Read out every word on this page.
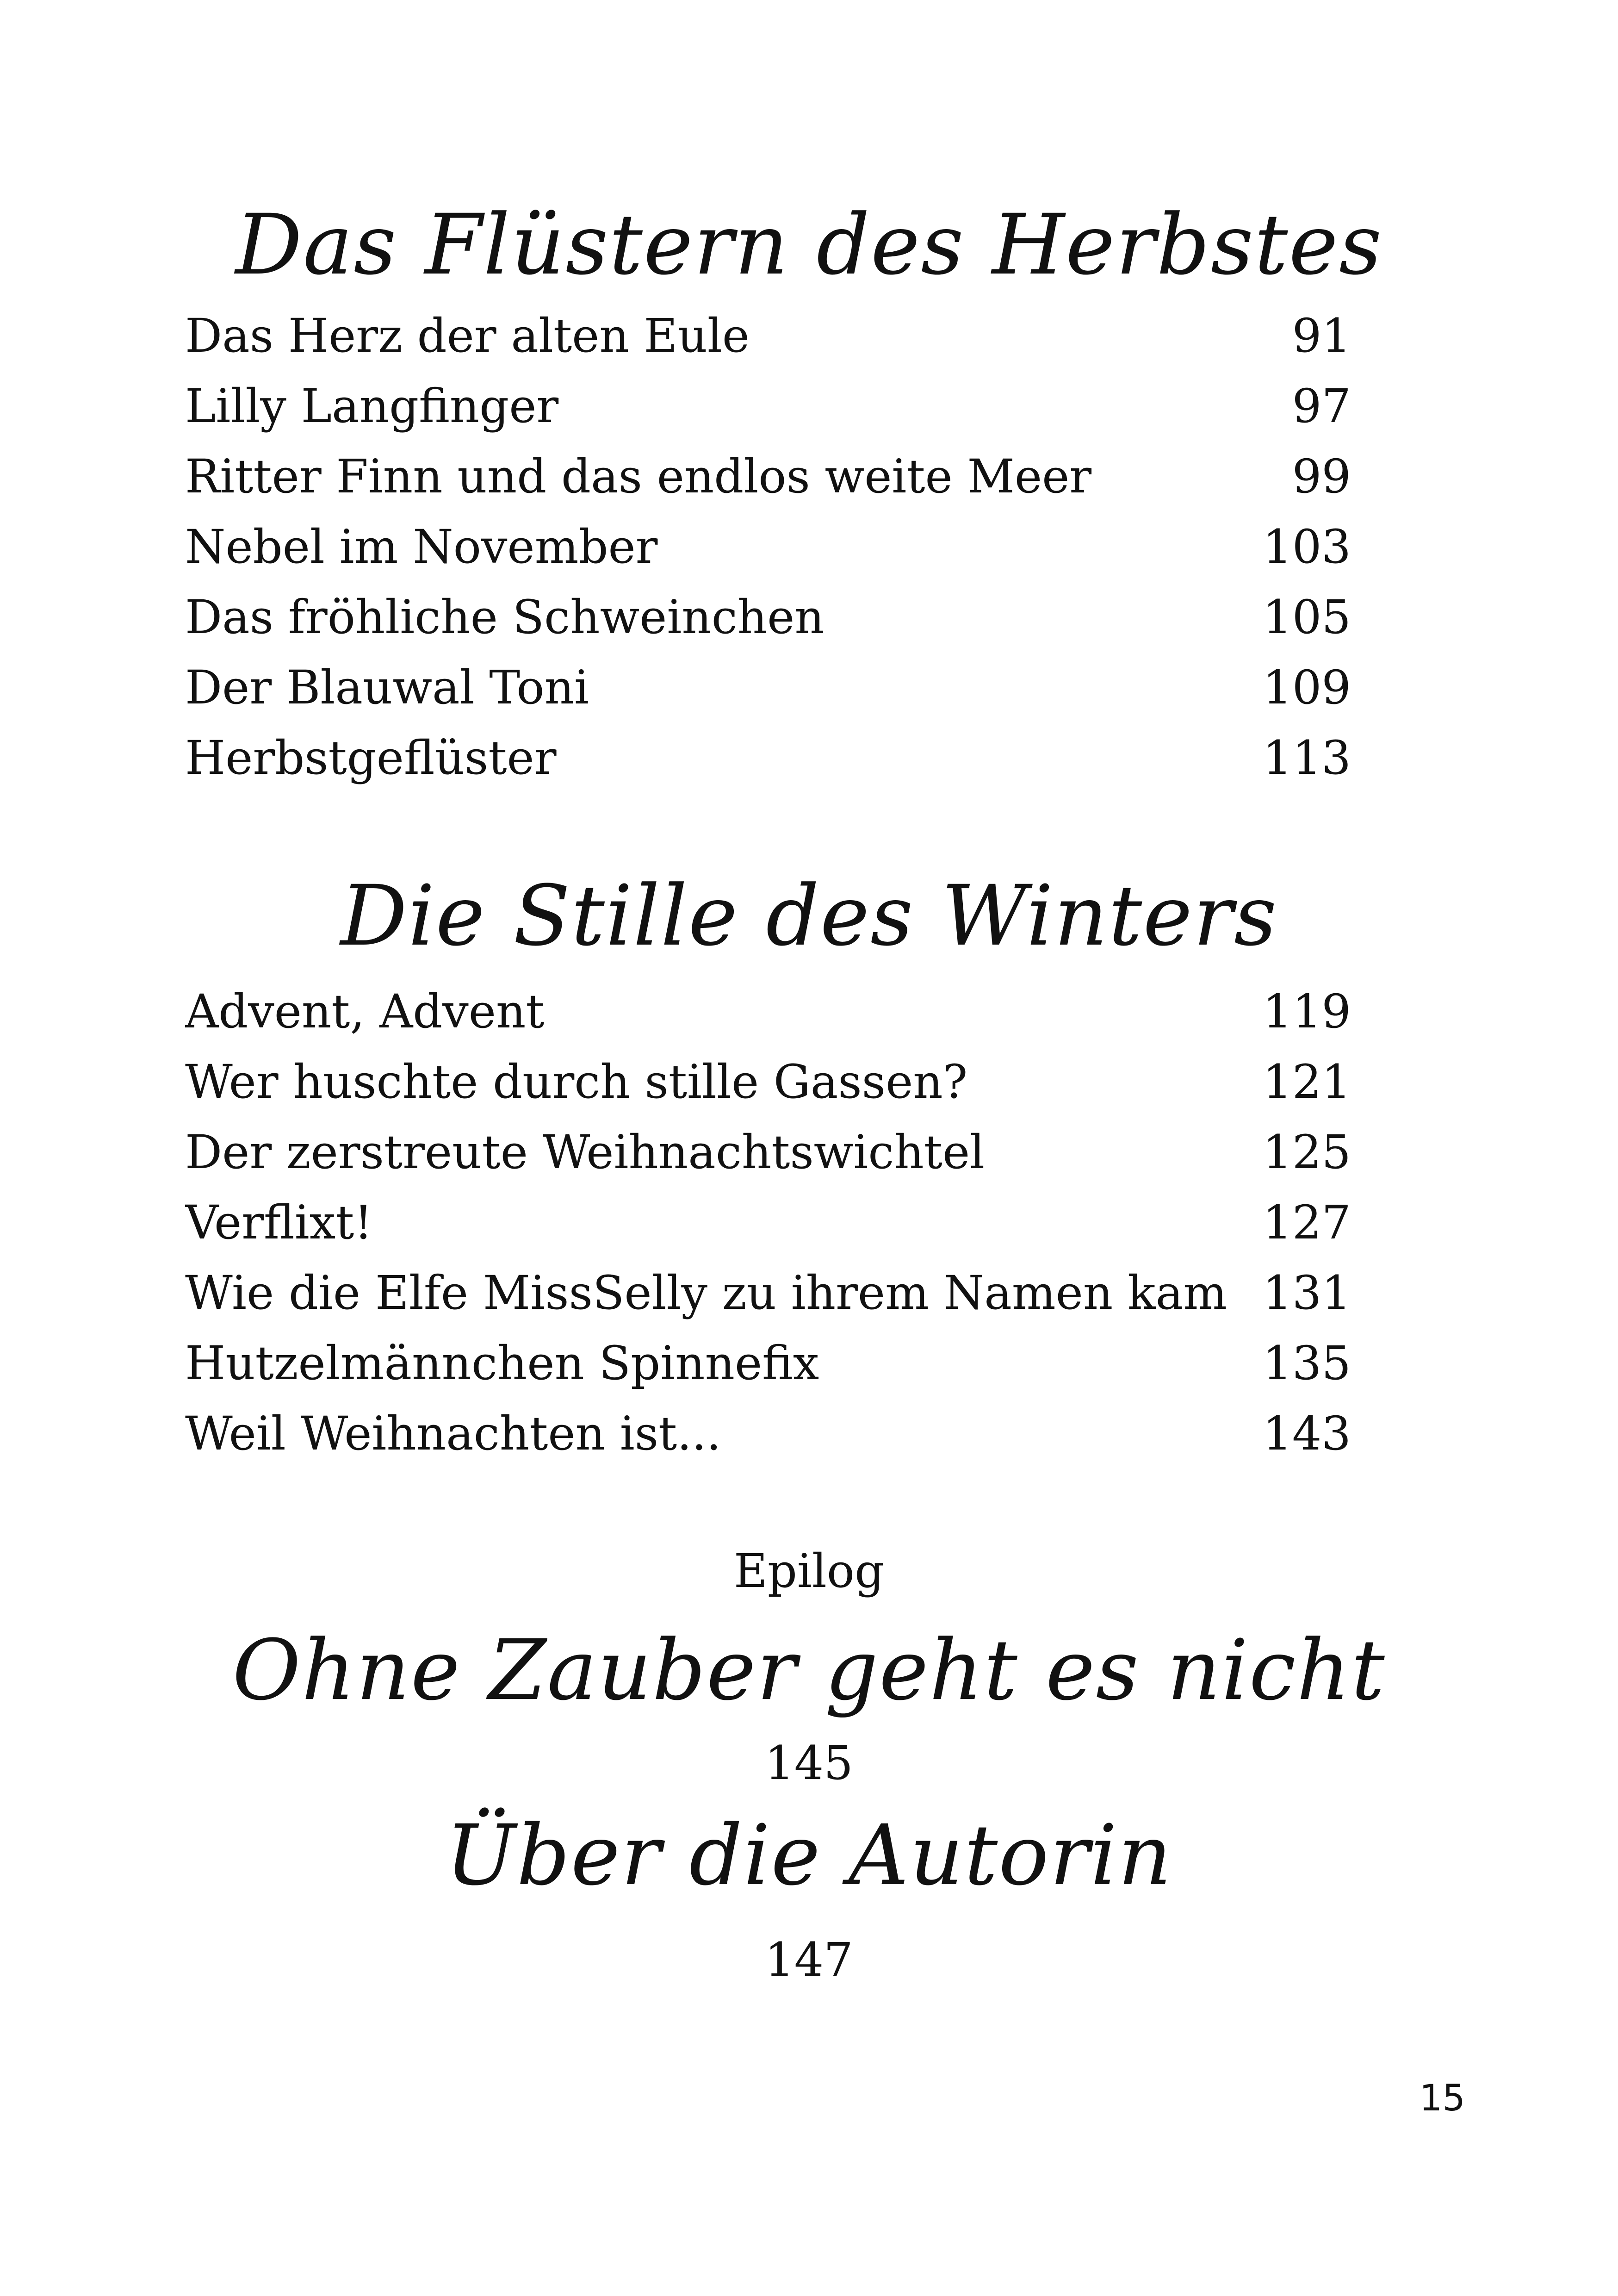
Das Flüstern des Herbstes
Das Herz der alten Eule	91
Lilly Langfinger	97
Ritter Finn und das endlos weite Meer	99
Nebel im November	103
Das fröhliche Schweinchen	105
Der Blauwal Toni	109
Herbstgeflüster	113
Die Stille des Winters
Advent, Advent	119
Wer huschte durch stille Gassen?	121
Der zerstreute Weihnachtswichtel	125
Verflixt!	127
Wie die Elfe MissSelly zu ihrem Namen kam 131
Hutzelmännchen Spinnefix	135
Weil Weihnachten ist...	143
Epilog
Ohne Zauber geht es nicht
145
Über die Autorin
147
15
